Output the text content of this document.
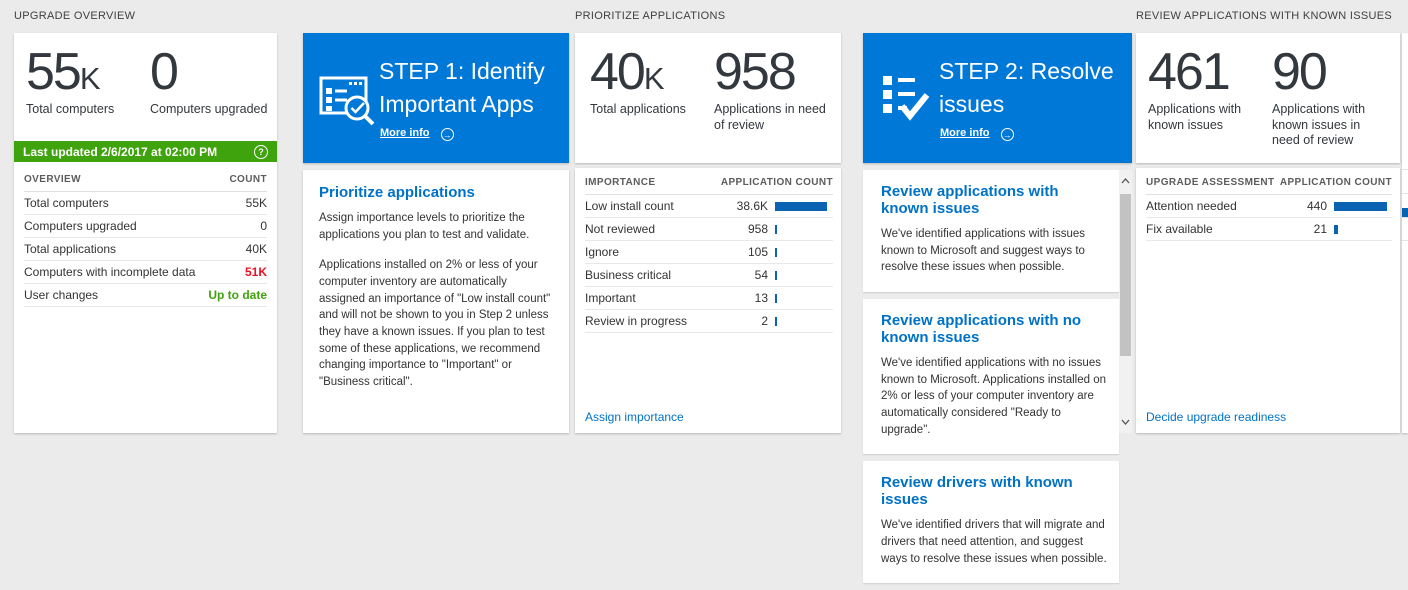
UPGRADE OVERVIEW	PRIORITIZE APPLICATIONS	REVIEW APPLICATIONS WITH KNOWN ISSUES
55K
Total computers
0
Computers upgraded
Last updated 2/6/2017 at 02:00 PM	?
OVERVIEW	COUNT
Total computers	55K
Computers upgraded	0
Total applications	40K
Computers with incomplete data	51K
User changes	Up to date
STEP 1: Identify
Important Apps
More info →
Prioritize applications
Assign importance levels to prioritize the applications you plan to test and validate.
Applications installed on 2% or less of your computer inventory are automatically assigned an importance of "Low install count" and will not be shown to you in Step 2 unless they have a known issues. If you plan to test some of these applications, we recommend changing importance to "Important" or "Business critical".
40K
Total applications
958
Applications in need of review
IMPORTANCE	APPLICATION COUNT
Low install count	38.6K
Not reviewed	958
Ignore	105
Business critical	54
Important	13
Review in progress	2
Assign importance
STEP 2: Resolve
issues
More info →
Review applications with known issues
We've identified applications with issues known to Microsoft and suggest ways to resolve these issues when possible.
Review applications with no known issues
We've identified applications with no issues known to Microsoft. Applications installed on 2% or less of your computer inventory are automatically considered "Ready to upgrade".
Review drivers with known issues
We've identified drivers that will migrate and drivers that need attention, and suggest ways to resolve these issues when possible.
461
Applications with known issues
90
Applications with known issues in need of review
UPGRADE ASSESSMENT APPLICATION COUNT
Attention needed	440
Fix available	21
Decide upgrade readiness
